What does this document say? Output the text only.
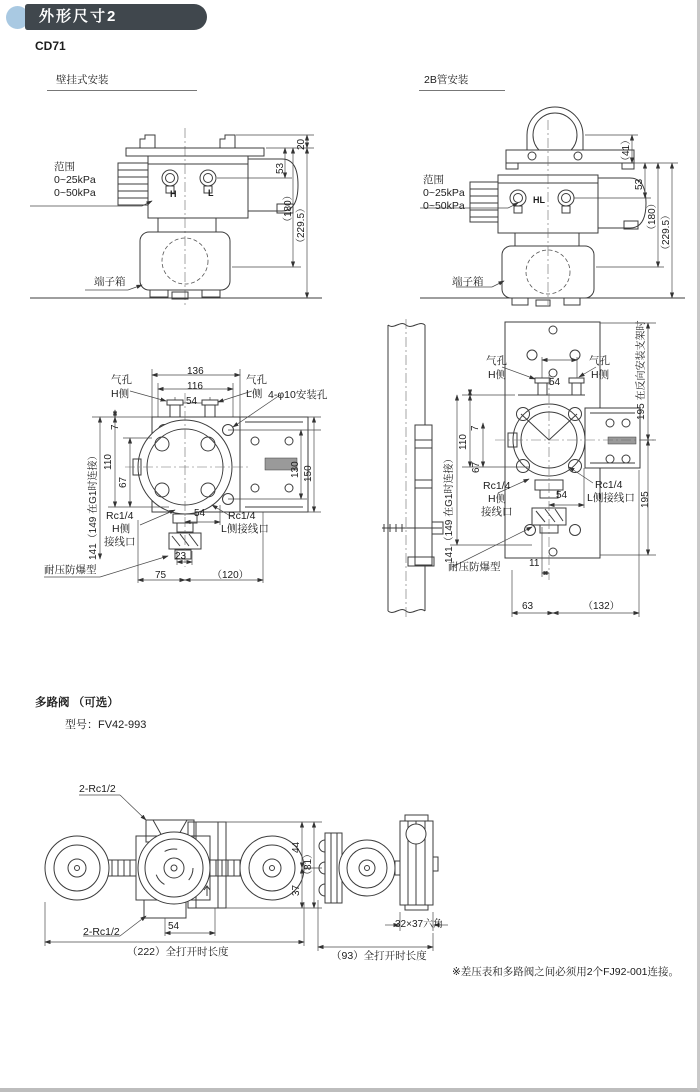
外形尺寸2
CD71
壁挂式安装	2B管安装
范围
0~25kPa
0~50kPa
端子箱
H	L
20
53
（180） （229.5）
136
116
54
气孔
H侧
气孔
L侧 4-φ10安装孔
110
7
67
141（149 在G1时连接）	130 150
Rc1/4
H侧
接线口
Rc1/4
L侧接线口
54
23
75	（120）
耐压防爆型
范围
0~25kPa
0~50kPa
端子箱
HL
（41）
53
（180） （229.5）
54
气孔
H侧
气孔
H侧
110
7
67
141（149 在G1时连接）	Rc1/4
H侧
接线口
Rc1/4
L侧接线口
54
11
63	（132）
195 在反向安装支架时
195
耐压防爆型
多路阀 （可选）
型号：FV42-993
2-Rc1/2
2-Rc1/2	54
44
（81）
37
（222）全打开时长度	（93）全打开时长度
32×37六角
※差压表和多路阀之间必须用2个FJ92-001连接。
